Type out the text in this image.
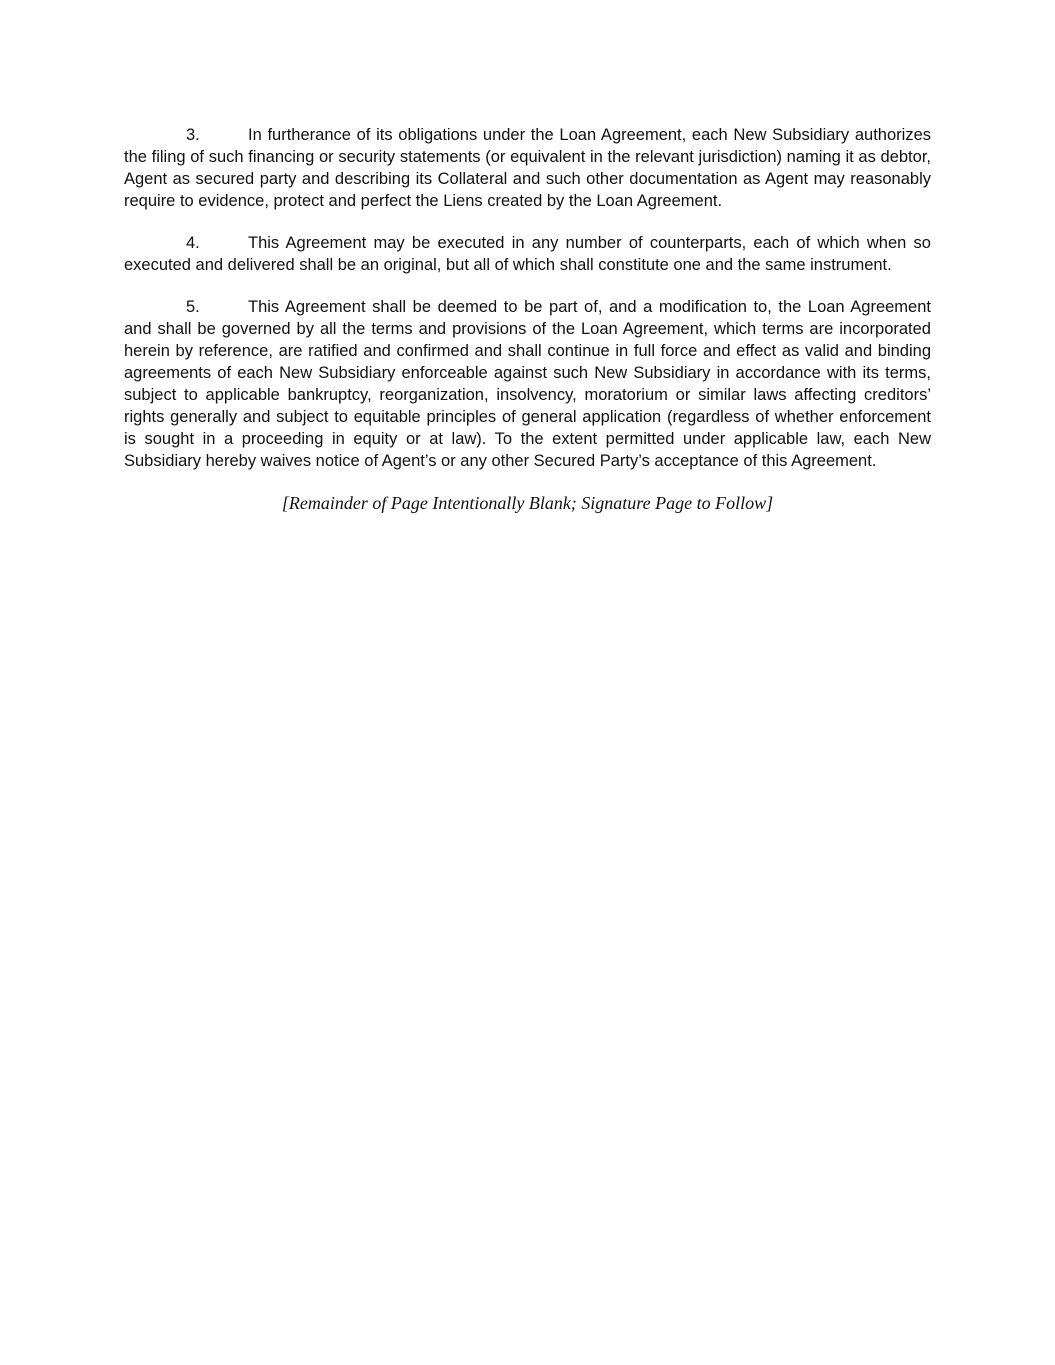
3.	In furtherance of its obligations under the Loan Agreement, each New Subsidiary authorizes the filing of such financing or security statements (or equivalent in the relevant jurisdiction) naming it as debtor, Agent as secured party and describing its Collateral and such other documentation as Agent may reasonably require to evidence, protect and perfect the Liens created by the Loan Agreement.

4.	This Agreement may be executed in any number of counterparts, each of which when so executed and delivered shall be an original, but all of which shall constitute one and the same instrument.

5.	This Agreement shall be deemed to be part of, and a modification to, the Loan Agreement and shall be governed by all the terms and provisions of the Loan Agreement, which terms are incorporated herein by reference, are ratified and confirmed and shall continue in full force and effect as valid and binding agreements of each New Subsidiary enforceable against such New Subsidiary in accordance with its terms, subject to applicable bankruptcy, reorganization, insolvency, moratorium or similar laws affecting creditors’ rights generally and subject to equitable principles of general application (regardless of whether enforcement is sought in a proceeding in equity or at law). To the extent permitted under applicable law, each New Subsidiary hereby waives notice of Agent’s or any other Secured Party’s acceptance of this Agreement.

[Remainder of Page Intentionally Blank; Signature Page to Follow]
